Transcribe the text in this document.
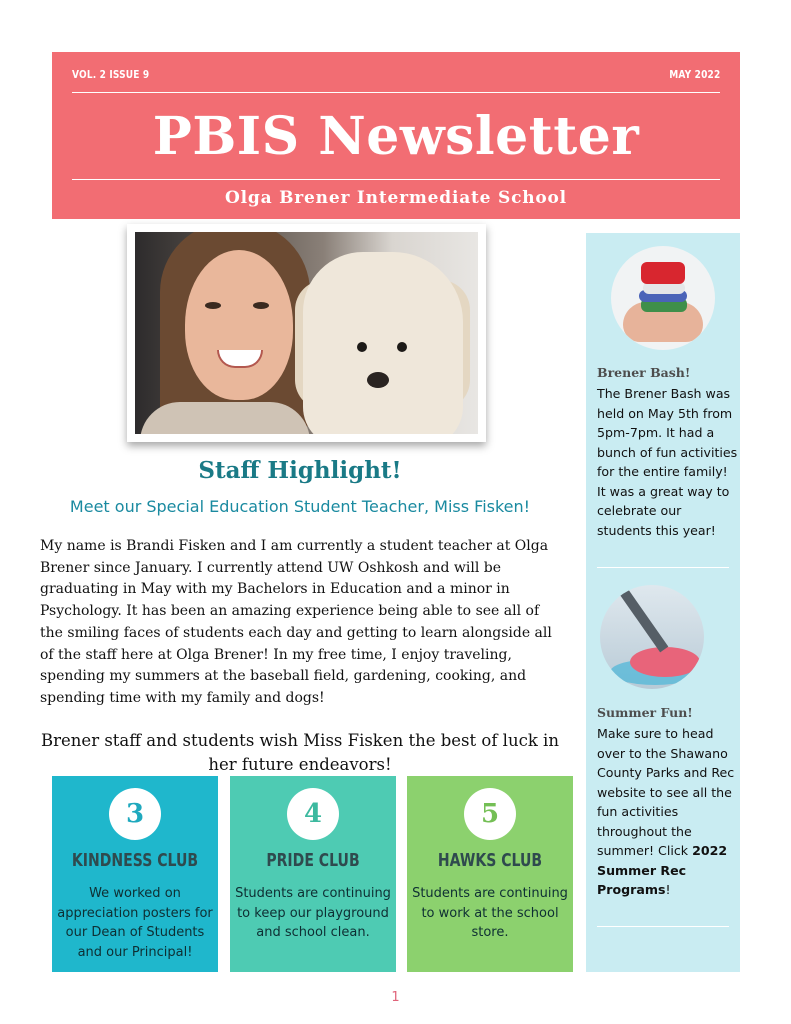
VOL. 2 ISSUE 9	MAY 2022
PBIS Newsletter
Olga Brener Intermediate School
Staff Highlight!
Meet our Special Education Student Teacher, Miss Fisken!
My name is Brandi Fisken and I am currently a student teacher at Olga Brener since January. I currently attend UW Oshkosh and will be graduating in May with my Bachelors in Education and a minor in Psychology. It has been an amazing experience being able to see all of the smiling faces of students each day and getting to learn alongside all of the staff here at Olga Brener! In my free time, I enjoy traveling, spending my summers at the baseball field, gardening, cooking, and spending time with my family and dogs!
Brener staff and students wish Miss Fisken the best of luck in her future endeavors!
3
KINDNESS CLUB
We worked on appreciation posters for our Dean of Students and our Principal!
4
PRIDE CLUB
Students are continuing to keep our playground and school clean.
5
HAWKS CLUB
Students are continuing to work at the school store.
Brener Bash!
The Brener Bash was held on May 5th from 5pm-7pm. It had a bunch of fun activities for the entire family! It was a great way to celebrate our students this year!
Summer Fun!
Make sure to head over to the Shawano County Parks and Rec website to see all the fun activities throughout the summer! Click 2022 Summer Rec Programs!
1
